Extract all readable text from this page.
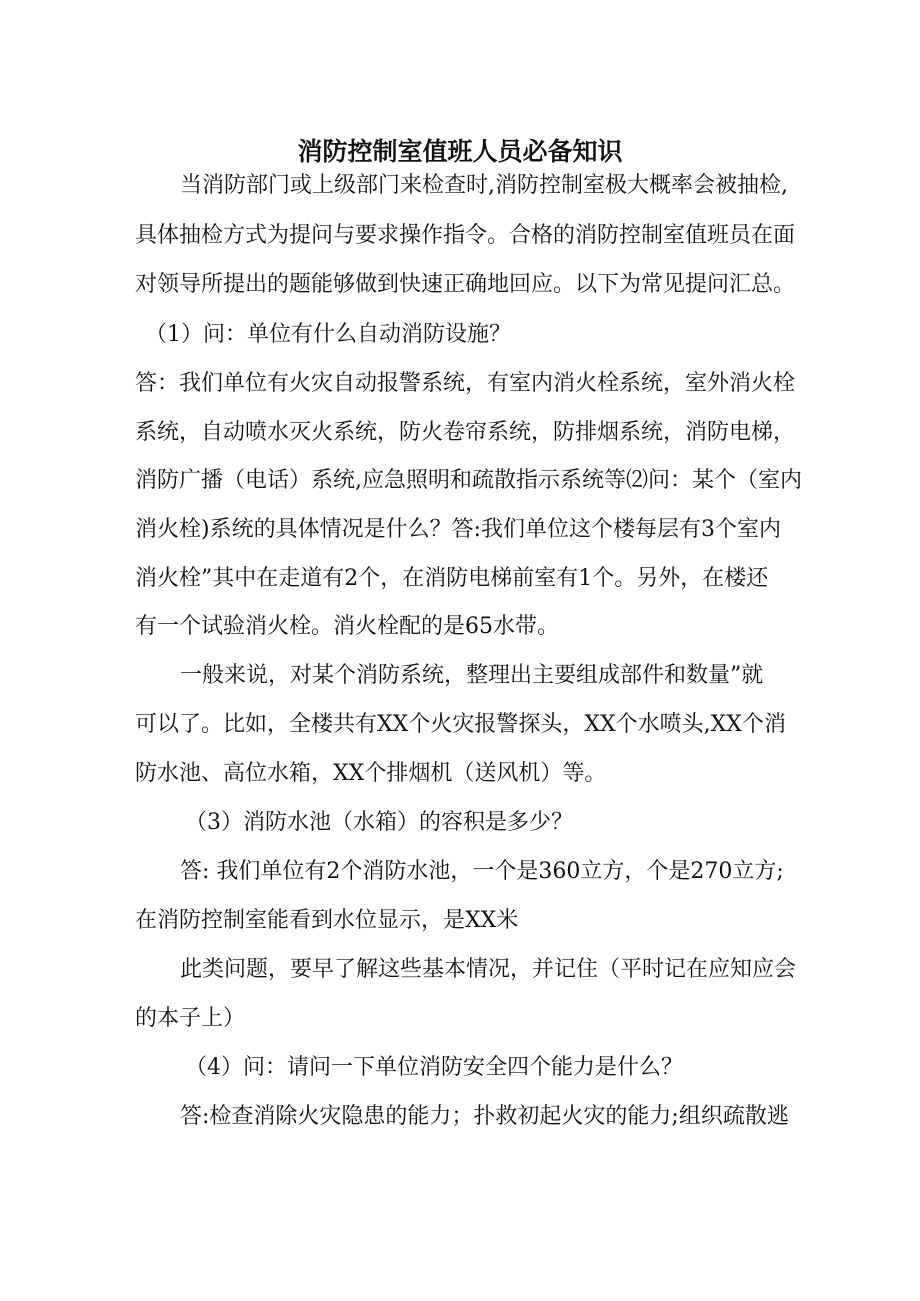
消防控制室值班人员必备知识
当消防部门或上级部门来检查时,消防控制室极大概率会被抽检,
具体抽检方式为提问与要求操作指令。合格的消防控制室值班员在面
对领导所提出的题能够做到快速正确地回应。以下为常见提问汇总。
（1）问：单位有什么自动消防设施？
答：我们单位有火灾自动报警系统，有室内消火栓系统，室外消火栓
系统，自动喷水灭火系统，防火卷帘系统，防排烟系统，消防电梯，
消防广播（电话）系统,应急照明和疏散指示系统等⑵问：某个（室内
消火栓)系统的具体情况是什么？答:我们单位这个楼每层有3个室内
消火栓”其中在走道有2个，在消防电梯前室有1个。另外，在楼还
有一个试验消火栓。消火栓配的是65水带。
一般来说，对某个消防系统，整理出主要组成部件和数量”就
可以了。比如，全楼共有XX个火灾报警探头，XX个水喷头,XX个消
防水池、高位水箱，XX个排烟机（送风机）等。
（3）消防水池（水箱）的容积是多少？
答: 我们单位有2个消防水池，一个是360立方，个是270立方;
在消防控制室能看到水位显示，是XX米
此类问题，要早了解这些基本情况，并记住（平时记在应知应会
的本子上）
（4）问：请问一下单位消防安全四个能力是什么？
答:检查消除火灾隐患的能力；扑救初起火灾的能力;组织疏散逃
